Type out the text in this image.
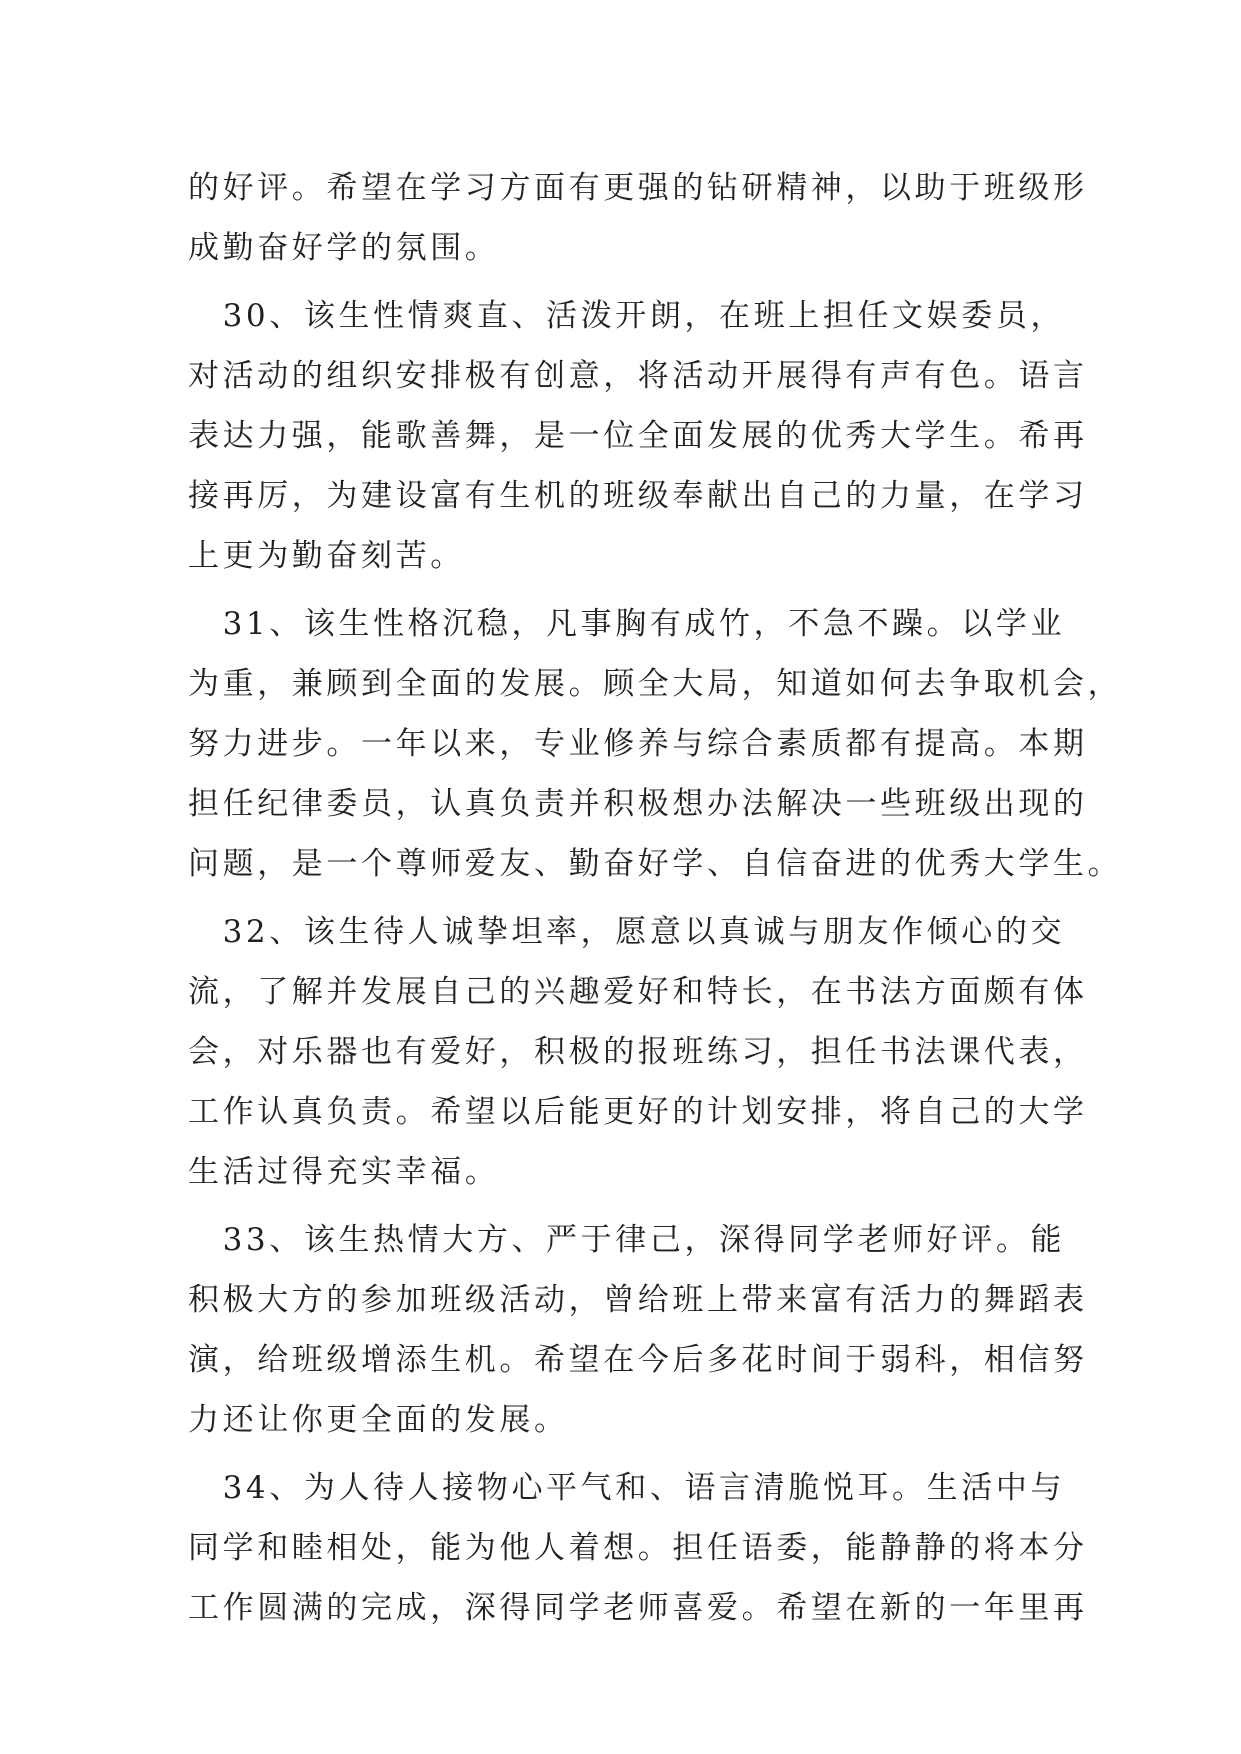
的好评。希望在学习方面有更强的钻研精神，以助于班级形
成勤奋好学的氛围。
　30、该生性情爽直、活泼开朗，在班上担任文娱委员，
对活动的组织安排极有创意，将活动开展得有声有色。语言
表达力强，能歌善舞，是一位全面发展的优秀大学生。希再
接再厉，为建设富有生机的班级奉献出自己的力量，在学习
上更为勤奋刻苦。
　31、该生性格沉稳，凡事胸有成竹，不急不躁。以学业
为重，兼顾到全面的发展。顾全大局，知道如何去争取机会，
努力进步。一年以来，专业修养与综合素质都有提高。本期
担任纪律委员，认真负责并积极想办法解决一些班级出现的
问题，是一个尊师爱友、勤奋好学、自信奋进的优秀大学生。
　32、该生待人诚挚坦率，愿意以真诚与朋友作倾心的交
流，了解并发展自己的兴趣爱好和特长，在书法方面颇有体
会，对乐器也有爱好，积极的报班练习，担任书法课代表，
工作认真负责。希望以后能更好的计划安排，将自己的大学
生活过得充实幸福。
　33、该生热情大方、严于律己，深得同学老师好评。能
积极大方的参加班级活动，曾给班上带来富有活力的舞蹈表
演，给班级增添生机。希望在今后多花时间于弱科，相信努
力还让你更全面的发展。
　34、为人待人接物心平气和、语言清脆悦耳。生活中与
同学和睦相处，能为他人着想。担任语委，能静静的将本分
工作圆满的完成，深得同学老师喜爱。希望在新的一年里再
